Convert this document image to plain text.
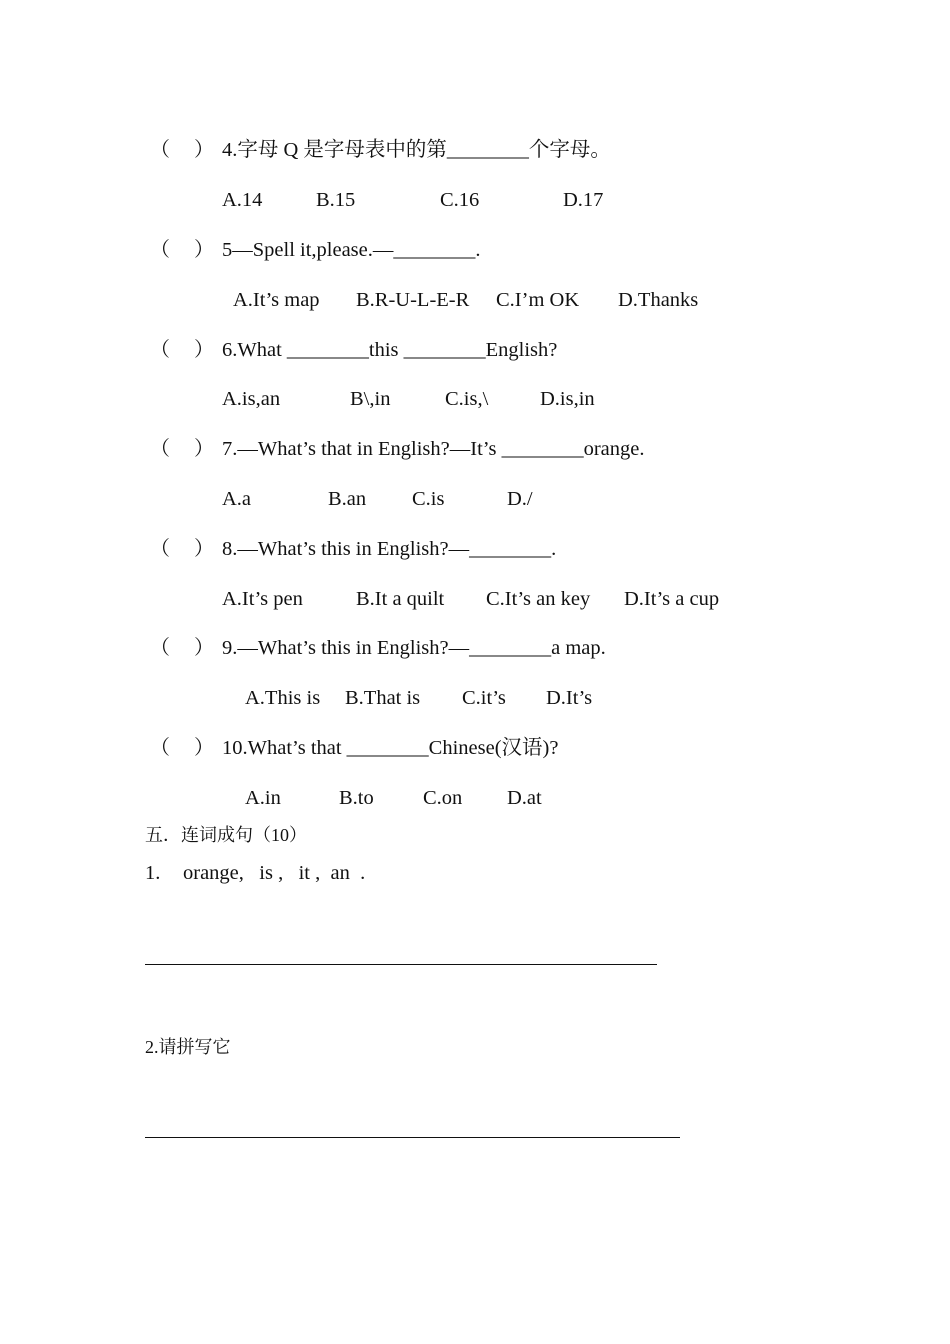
（ ） 4.字母 Q 是字母表中的第________个字母。
A.14	B.15	C.16	D.17
（ ） 5—Spell it,please.—________.
A.It’s map B.R-U-L-E-R C.I’m OK D.Thanks
（ ） 6.What ________this ________English?
A.is,an	B\,in	C.is,\	D.is,in
（ ） 7.—What’s that in English?—It’s ________orange.
A.a	B.an C.is	D./
（ ） 8.—What’s this in English?—________.
A.It’s pen	B.It a quilt C.It’s an key D.It’s a cup
（ ） 9.—What’s this in English?—________a map.
A.This is B.That is C.it’s D.It’s
（ ） 10.What’s that ________Chinese(汉语)?
A.in	B.to C.on D.at
五．连词成句（10）
1. orange,   is ,   it ,  an  .
2.请拼写它
